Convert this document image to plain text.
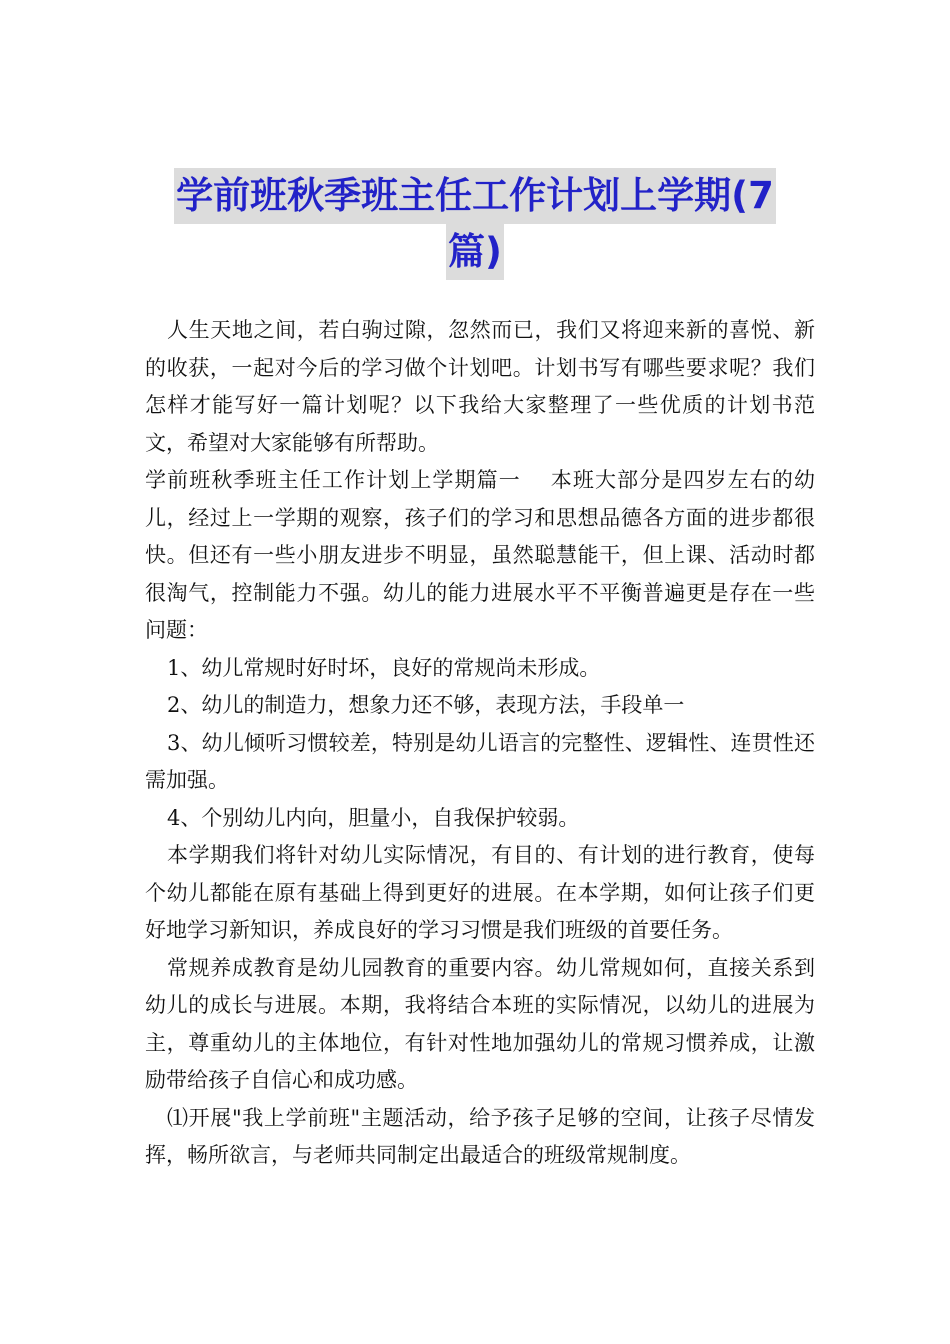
学前班秋季班主任工作计划上学期(7
篇)

人生天地之间，若白驹过隙，忽然而已，我们又将迎来新的喜悦、新的收获，一起对今后的学习做个计划吧。计划书写有哪些要求呢？我们怎样才能写好一篇计划呢？以下我给大家整理了一些优质的计划书范文，希望对大家能够有所帮助。

学前班秋季班主任工作计划上学期篇一　 本班大部分是四岁左右的幼儿，经过上一学期的观察，孩子们的学习和思想品德各方面的进步都很快。但还有一些小朋友进步不明显，虽然聪慧能干，但上课、活动时都很淘气，控制能力不强。幼儿的能力进展水平不平衡普遍更是存在一些问题：

1、幼儿常规时好时坏，良好的常规尚未形成。

2、幼儿的制造力，想象力还不够，表现方法，手段单一

3、幼儿倾听习惯较差，特别是幼儿语言的完整性、逻辑性、连贯性还需加强。

4、个别幼儿内向，胆量小，自我保护较弱。

本学期我们将针对幼儿实际情况，有目的、有计划的进行教育，使每个幼儿都能在原有基础上得到更好的进展。在本学期，如何让孩子们更好地学习新知识，养成良好的学习习惯是我们班级的首要任务。

常规养成教育是幼儿园教育的重要内容。幼儿常规如何，直接关系到幼儿的成长与进展。本期，我将结合本班的实际情况，以幼儿的进展为主，尊重幼儿的主体地位，有针对性地加强幼儿的常规习惯养成，让激励带给孩子自信心和成功感。

⑴开展"我上学前班"主题活动，给予孩子足够的空间，让孩子尽情发挥，畅所欲言，与老师共同制定出最适合的班级常规制度。
